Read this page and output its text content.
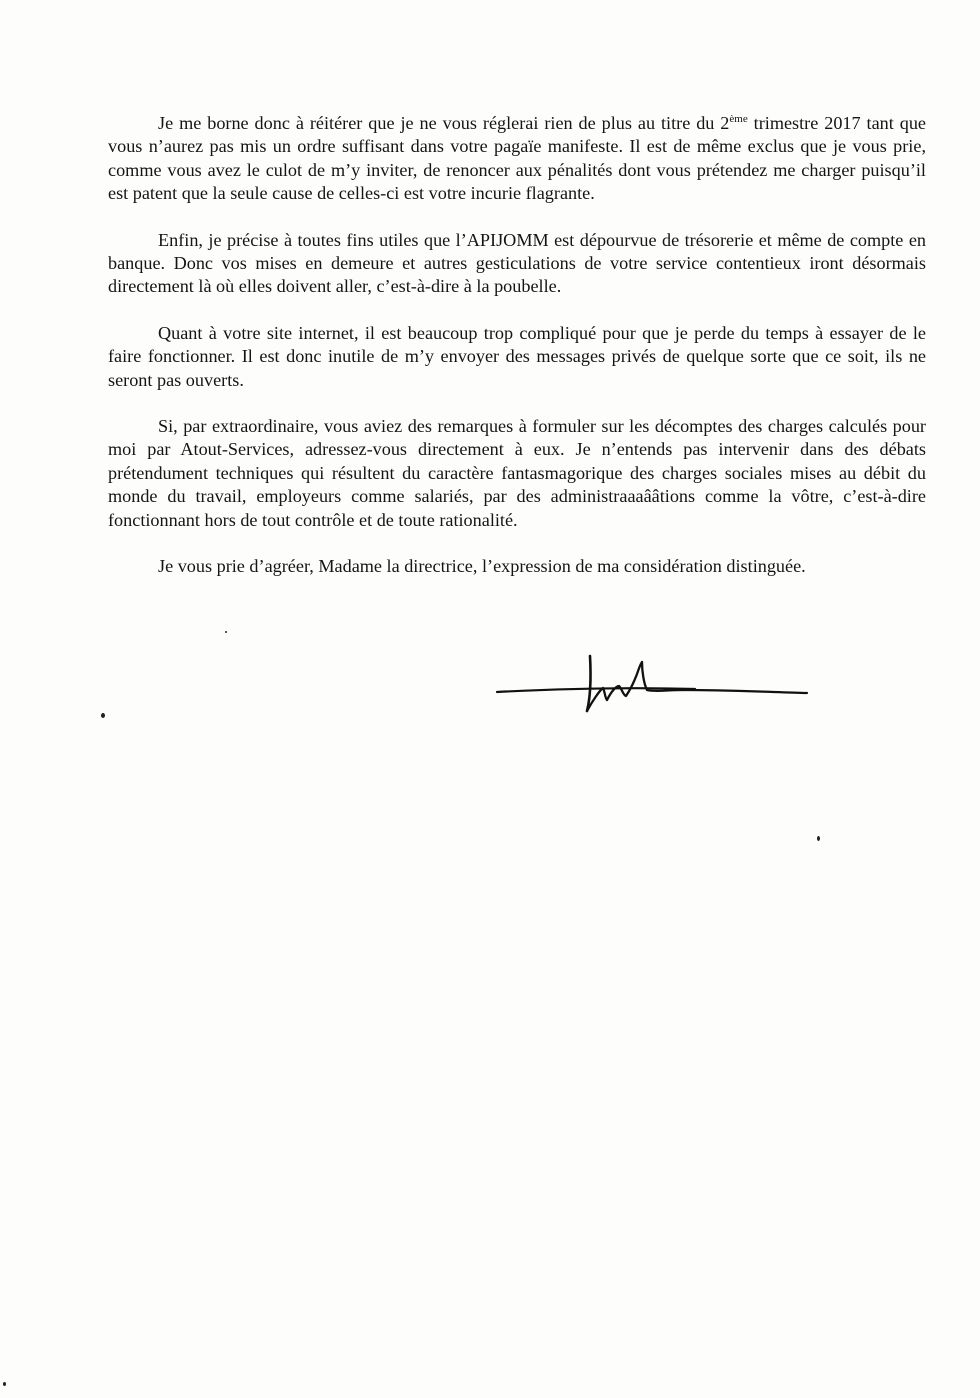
Je me borne donc à réitérer que je ne vous réglerai rien de plus au titre du 2ème trimestre 2017 tant que vous n’aurez pas mis un ordre suffisant dans votre pagaïe manifeste. Il est de même exclus que je vous prie, comme vous avez le culot de m’y inviter, de renoncer aux pénalités dont vous prétendez me charger puisqu’il est patent que la seule cause de celles-ci est votre incurie flagrante.

Enfin, je précise à toutes fins utiles que l’APIJOMM est dépourvue de trésorerie et même de compte en banque. Donc vos mises en demeure et autres gesticulations de votre service contentieux iront désormais directement là où elles doivent aller, c’est-à-dire à la poubelle.

Quant à votre site internet, il est beaucoup trop compliqué pour que je perde du temps à essayer de le faire fonctionner. Il est donc inutile de m’y envoyer des messages privés de quelque sorte que ce soit, ils ne seront pas ouverts.

Si, par extraordinaire, vous aviez des remarques à formuler sur les décomptes des charges calculés pour moi par Atout-Services, adressez-vous directement à eux. Je n’entends pas intervenir dans des débats prétendument techniques qui résultent du caractère fantasmagorique des charges sociales mises au débit du monde du travail, employeurs comme salariés, par des administraaaââtions comme la vôtre, c’est-à-dire fonctionnant hors de tout contrôle et de toute rationalité.

Je vous prie d’agréer, Madame la directrice, l’expression de ma considération distinguée.
